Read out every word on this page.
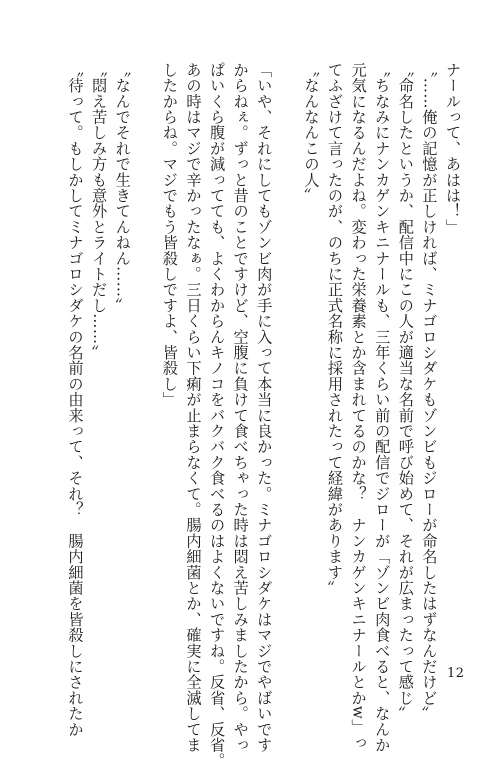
ナールって、あはは！」

〝……俺の記憶が正しければ、ミナゴロシダケもゾンビもジローが命名したはずなんだけど〟

〝命名したというか、配信中にこの人が適当な名前で呼び始めて、それが広まったって感じ〟

〝ちなみにナンカゲンキニナールも、三年くらい前の配信でジローが「ゾンビ肉食べると、なんか

元気になるんだよね。変わった栄養素とか含まれてるのかな？　ナンカゲンキニナールとかw」っ

てふざけて言ったのが、のちに正式名称に採用されたって経緯があります〟

〝なんなんこの人〟

「いや、それにしてもゾンビ肉が手に入って本当に良かった。ミナゴロシダケはマジでやばいです

からねぇ。ずっと昔のことですけど、空腹に負けて食べちゃった時は悶え苦しみましたから。やっ

ぱいくら腹が減ってても、よくわからんキノコをバクバク食べるのはよくないですね。反省、反省。

あの時はマジで辛かったなぁ。三日くらい下痢が止まらなくて。腸内細菌とか、確実に全滅してま

したからね。マジでもう皆殺しですよ、皆殺し」

〝なんでそれで生きてんねん……〟

〝悶え苦しみ方も意外とライトだし……〟

〝待って。もしかしてミナゴロシダケの名前の由来って、それ？　腸内細菌を皆殺しにされたか	12
